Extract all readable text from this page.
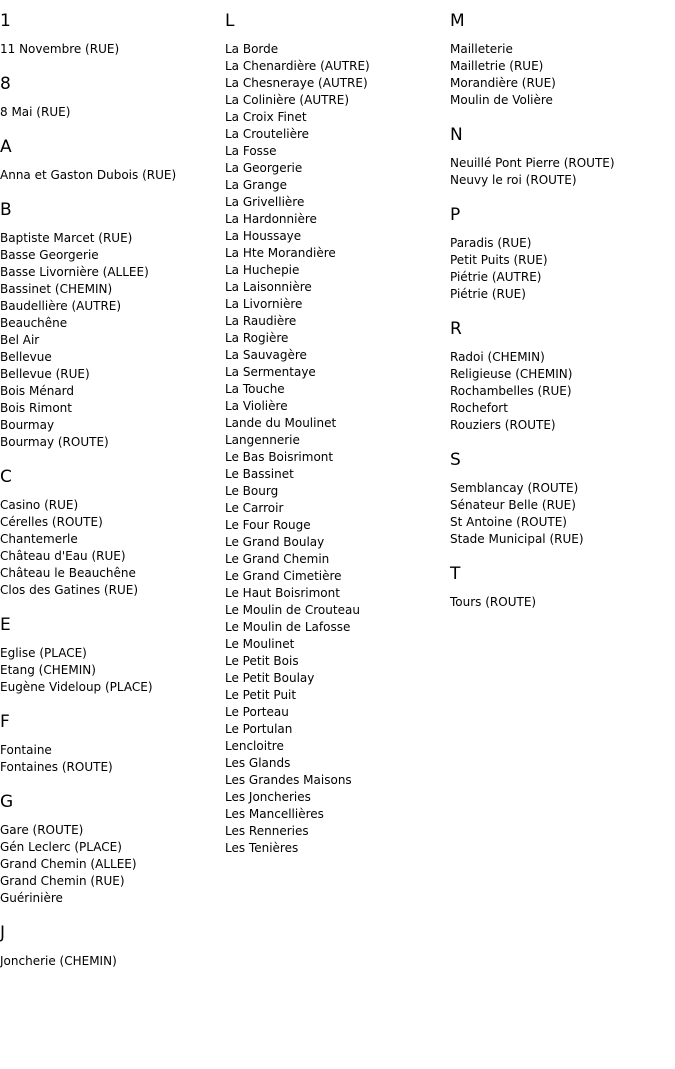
1
11 Novembre (RUE)
8
8 Mai (RUE)
A
Anna et Gaston Dubois (RUE)
B
Baptiste Marcet (RUE)
Basse Georgerie
Basse Livornière (ALLEE)
Bassinet (CHEMIN)
Baudellière (AUTRE)
Beauchêne
Bel Air
Bellevue
Bellevue (RUE)
Bois Ménard
Bois Rimont
Bourmay
Bourmay (ROUTE)
C
Casino (RUE)
Cérelles (ROUTE)
Chantemerle
Château d'Eau (RUE)
Château le Beauchêne
Clos des Gatines (RUE)
E
Eglise (PLACE)
Etang (CHEMIN)
Eugène Videloup (PLACE)
F
Fontaine
Fontaines (ROUTE)
G
Gare (ROUTE)
Gén Leclerc (PLACE)
Grand Chemin (ALLEE)
Grand Chemin (RUE)
Guérinière
J
Joncherie (CHEMIN)
L
La Borde
La Chenardière (AUTRE)
La Chesneraye (AUTRE)
La Colinière (AUTRE)
La Croix Finet
La Croutelière
La Fosse
La Georgerie
La Grange
La Grivellière
La Hardonnière
La Houssaye
La Hte Morandière
La Huchepie
La Laisonnière
La Livornière
La Raudière
La Rogière
La Sauvagère
La Sermentaye
La Touche
La Violière
Lande du Moulinet
Langennerie
Le Bas Boisrimont
Le Bassinet
Le Bourg
Le Carroir
Le Four Rouge
Le Grand Boulay
Le Grand Chemin
Le Grand Cimetière
Le Haut Boisrimont
Le Moulin de Crouteau
Le Moulin de Lafosse
Le Moulinet
Le Petit Bois
Le Petit Boulay
Le Petit Puit
Le Porteau
Le Portulan
Lencloitre
Les Glands
Les Grandes Maisons
Les Joncheries
Les Mancellières
Les Renneries
Les Tenières
M
Mailleterie
Mailletrie (RUE)
Morandière (RUE)
Moulin de Volière
N
Neuillé Pont Pierre (ROUTE)
Neuvy le roi (ROUTE)
P
Paradis (RUE)
Petit Puits (RUE)
Piétrie (AUTRE)
Piétrie (RUE)
R
Radoi (CHEMIN)
Religieuse (CHEMIN)
Rochambelles (RUE)
Rochefort
Rouziers (ROUTE)
S
Semblancay (ROUTE)
Sénateur Belle (RUE)
St Antoine (ROUTE)
Stade Municipal (RUE)
T
Tours (ROUTE)
